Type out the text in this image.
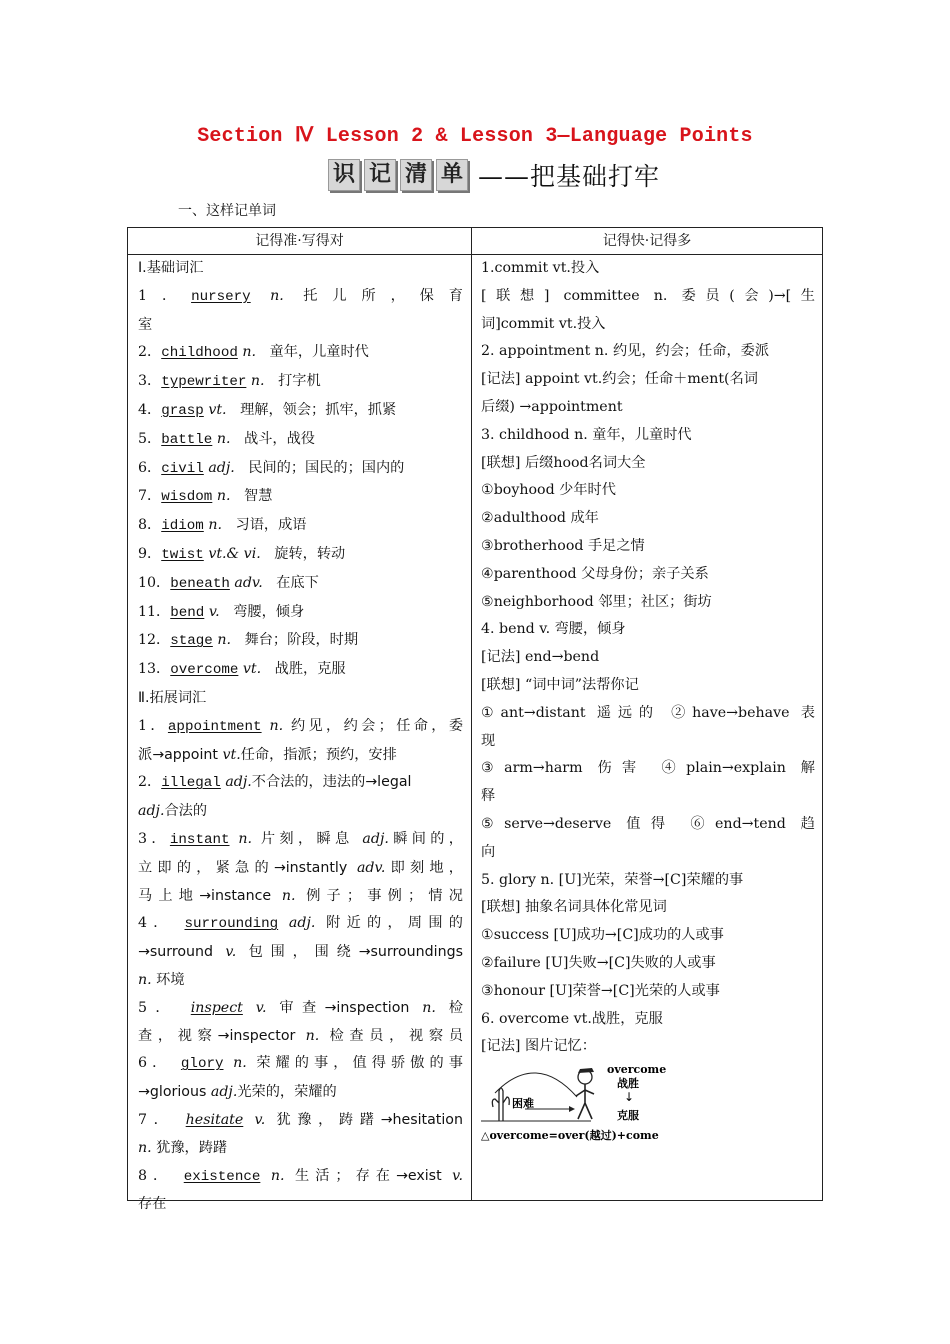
Section Ⅳ Lesson 2 & Lesson 3—Language Points
识 记 清 单 ——把基础打牢
一、这样记单词
记得准·写得对	记得快·记得多
Ⅰ.基础词汇
1．nursery n. 托儿所，保育
室
2．childhood n. 童年，儿童时代
3．typewriter n. 打字机
4．grasp vt. 理解，领会；抓牢，抓紧
5．battle n. 战斗，战役
6．civil adj. 民间的；国民的；国内的
7．wisdom n. 智慧
8．idiom n. 习语，成语
9．twist vt.& vi. 旋转，转动
10．beneath adv. 在底下
11．bend v. 弯腰，倾身
12．stage n. 舞台；阶段，时期
13．overcome vt. 战胜，克服
Ⅱ.拓展词汇
1．appointment n. 约见，约会；任命，委
派→appoint vt.任命，指派；预约，安排
2．illegal adj.不合法的，违法的→legal
adj.合法的
3．instant n. 片刻，瞬息 adj.瞬间的，
立即的，紧急的→instantly adv.即刻地，
马上地→instance n. 例子；事例；情况
4． surrounding adj. 附近的，周围的
→surround v. 包围，围绕→surroundings
n. 环境
5． inspect v. 审查→inspection n. 检
查，视察→inspector n. 检查员，视察员
6． glory n. 荣耀的事，值得骄傲的事
→glorious adj.光荣的，荣耀的
7． hesitate v. 犹豫，踌躇→hesitation
n. 犹豫，踌躇
8． existence n. 生活；存在→exist v.
存在
1.commit vt.投入
[联想] committee n. 委员(会)→[生
词]commit vt.投入
2. appointment n. 约见，约会；任命，委派
[记法] appoint vt.约会；任命＋ment(名词
后缀) →appointment
3. childhood n. 童年，儿童时代
[联想] 后缀hood名词大全
①boyhood 少年时代
②adulthood 成年
③brotherhood 手足之情
④parenthood 父母身份；亲子关系
⑤neighborhood 邻里；社区；街坊
4. bend v. 弯腰，倾身
[记法] end→bend
[联想] “词中词”法帮你记
①ant→distant 遥远的 ②have→behave 表
现
③arm→harm 伤害 ④plain→explain 解
释
⑤serve→deserve 值得 ⑥end→tend 趋
向
5. glory n. [U]光荣，荣誉→[C]荣耀的事
[联想] 抽象名词具体化常见词
①success [U]成功→[C]成功的人或事
②failure [U]失败→[C]失败的人或事
③honour [U]荣誉→[C]光荣的人或事
6. overcome vt.战胜，克服
[记法] 图片记忆：
困难
overcome
战胜
↓
克服
△overcome=over(越过)+come
